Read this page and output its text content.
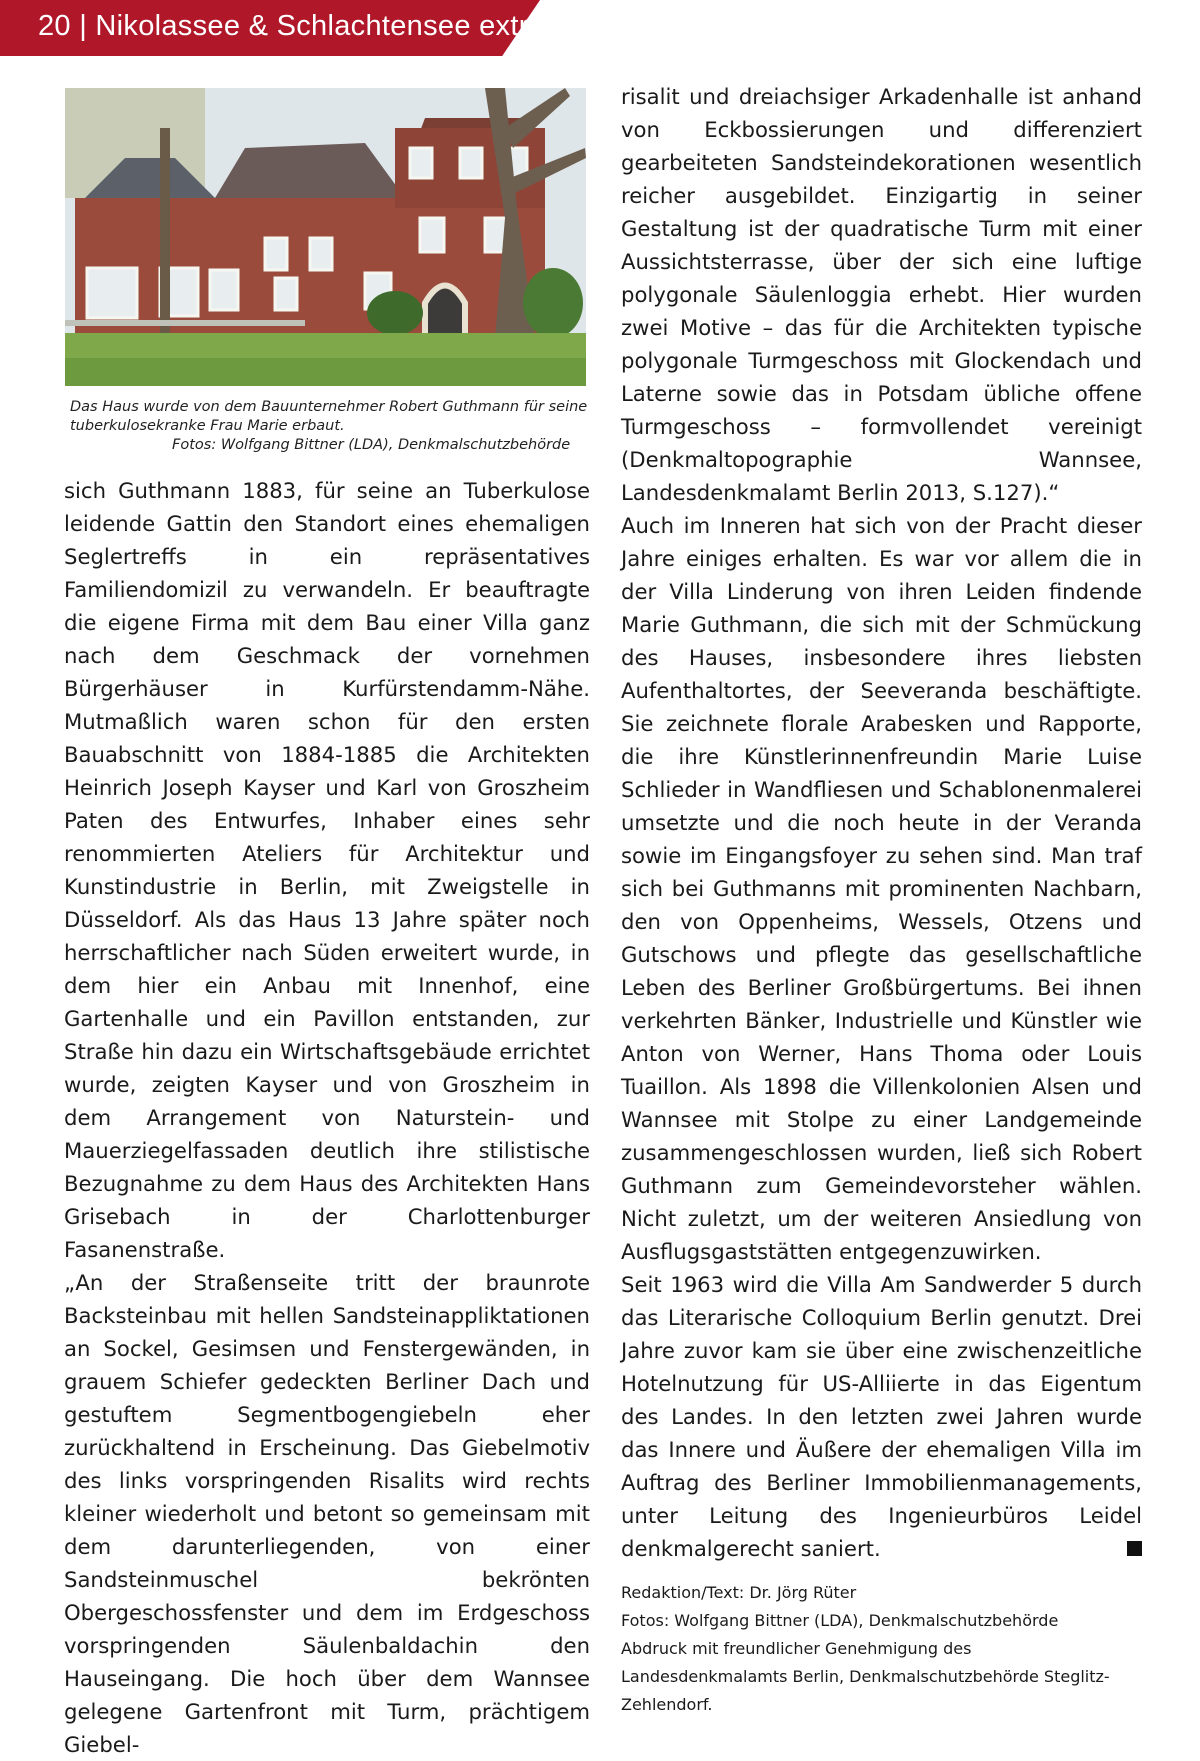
20 | Nikolassee & Schlachtensee extra

Das Haus wurde von dem Bauunternehmer Robert Guthmann für seine tuberkulosekranke Frau Marie erbaut.

Fotos: Wolfgang Bittner (LDA), Denkmalschutzbehörde

sich Guthmann 1883, für seine an Tuberkulose leidende Gattin den Standort eines ehemaligen Seglertreffs in ein repräsentatives Familiendomizil zu verwandeln. Er beauftragte die eigene Firma mit dem Bau einer Villa ganz nach dem Geschmack der vornehmen Bürgerhäuser in Kurfürstendamm-Nähe. Mutmaßlich waren schon für den ersten Bauabschnitt von 1884-1885 die Architekten Heinrich Joseph Kayser und Karl von Groszheim Paten des Entwurfes, Inhaber eines sehr renommierten Ateliers für Architektur und Kunstindustrie in Berlin, mit Zweigstelle in Düsseldorf. Als das Haus 13 Jahre später noch herrschaftlicher nach Süden erweitert wurde, in dem hier ein Anbau mit Innenhof, eine Gartenhalle und ein Pavillon entstanden, zur Straße hin dazu ein Wirtschaftsgebäude errichtet wurde, zeigten Kayser und von Groszheim in dem Arrangement von Naturstein- und Mauerziegelfassaden deutlich ihre stilistische Bezugnahme zu dem Haus des Architekten Hans Grisebach in der Charlottenburger Fasanenstraße.

„An der Straßenseite tritt der braunrote Backsteinbau mit hellen Sandsteinappliktationen an Sockel, Gesimsen und Fenstergewänden, in grauem Schiefer gedeckten Berliner Dach und gestuftem Segmentbogengiebeln eher zurückhaltend in Erscheinung. Das Giebelmotiv des links vorspringenden Risalits wird rechts kleiner wiederholt und betont so gemeinsam mit dem darunterliegenden, von einer Sandsteinmuschel bekrönten Obergeschossfenster und dem im Erdgeschoss vorspringenden Säulenbaldachin den Hauseingang. Die hoch über dem Wannsee gelegene Gartenfront mit Turm, prächtigem Giebel-

risalit und dreiachsiger Arkadenhalle ist anhand von Eckbossierungen und differenziert gearbeiteten Sandsteindekorationen wesentlich reicher ausgebildet. Einzigartig in seiner Gestaltung ist der quadratische Turm mit einer Aussichtsterrasse, über der sich eine luftige polygonale Säulenloggia erhebt. Hier wurden zwei Motive – das für die Architekten typische polygonale Turmgeschoss mit Glockendach und Laterne sowie das in Potsdam übliche offene Turmgeschoss – formvollendet vereinigt (Denkmaltopographie Wannsee, Landesdenkmalamt Berlin 2013, S.127).“

Auch im Inneren hat sich von der Pracht dieser Jahre einiges erhalten. Es war vor allem die in der Villa Linderung von ihren Leiden findende Marie Guthmann, die sich mit der Schmückung des Hauses, insbesondere ihres liebsten Aufenthaltortes, der Seeveranda beschäftigte. Sie zeichnete florale Arabesken und Rapporte, die ihre Künstlerinnenfreundin Marie Luise Schlieder in Wandfliesen und Schablonenmalerei umsetzte und die noch heute in der Veranda sowie im Eingangsfoyer zu sehen sind. Man traf sich bei Guthmanns mit prominenten Nachbarn, den von Oppenheims, Wessels, Otzens und Gutschows und pflegte das gesellschaftliche Leben des Berliner Großbürgertums. Bei ihnen verkehrten Bänker, Industrielle und Künstler wie Anton von Werner, Hans Thoma oder Louis Tuaillon. Als 1898 die Villenkolonien Alsen und Wannsee mit Stolpe zu einer Landgemeinde zusammengeschlossen wurden, ließ sich Robert Guthmann zum Gemeindevorsteher wählen. Nicht zuletzt, um der weiteren Ansiedlung von Ausflugsgaststätten entgegenzuwirken.

Seit 1963 wird die Villa Am Sandwerder 5 durch das Literarische Colloquium Berlin genutzt. Drei Jahre zuvor kam sie über eine zwischenzeitliche Hotelnutzung für US-Alliierte in das Eigentum des Landes. In den letzten zwei Jahren wurde das Innere und Äußere der ehemaligen Villa im Auftrag des Berliner Immobilienmanagements, unter Leitung des Ingenieurbüros Leidel denkmalgerecht saniert.

Redaktion/Text: Dr. Jörg Rüter

Fotos: Wolfgang Bittner (LDA), Denkmalschutzbehörde

Abdruck mit freundlicher Genehmigung des Landesdenkmalamts Berlin, Denkmalschutzbehörde Steglitz-Zehlendorf.
